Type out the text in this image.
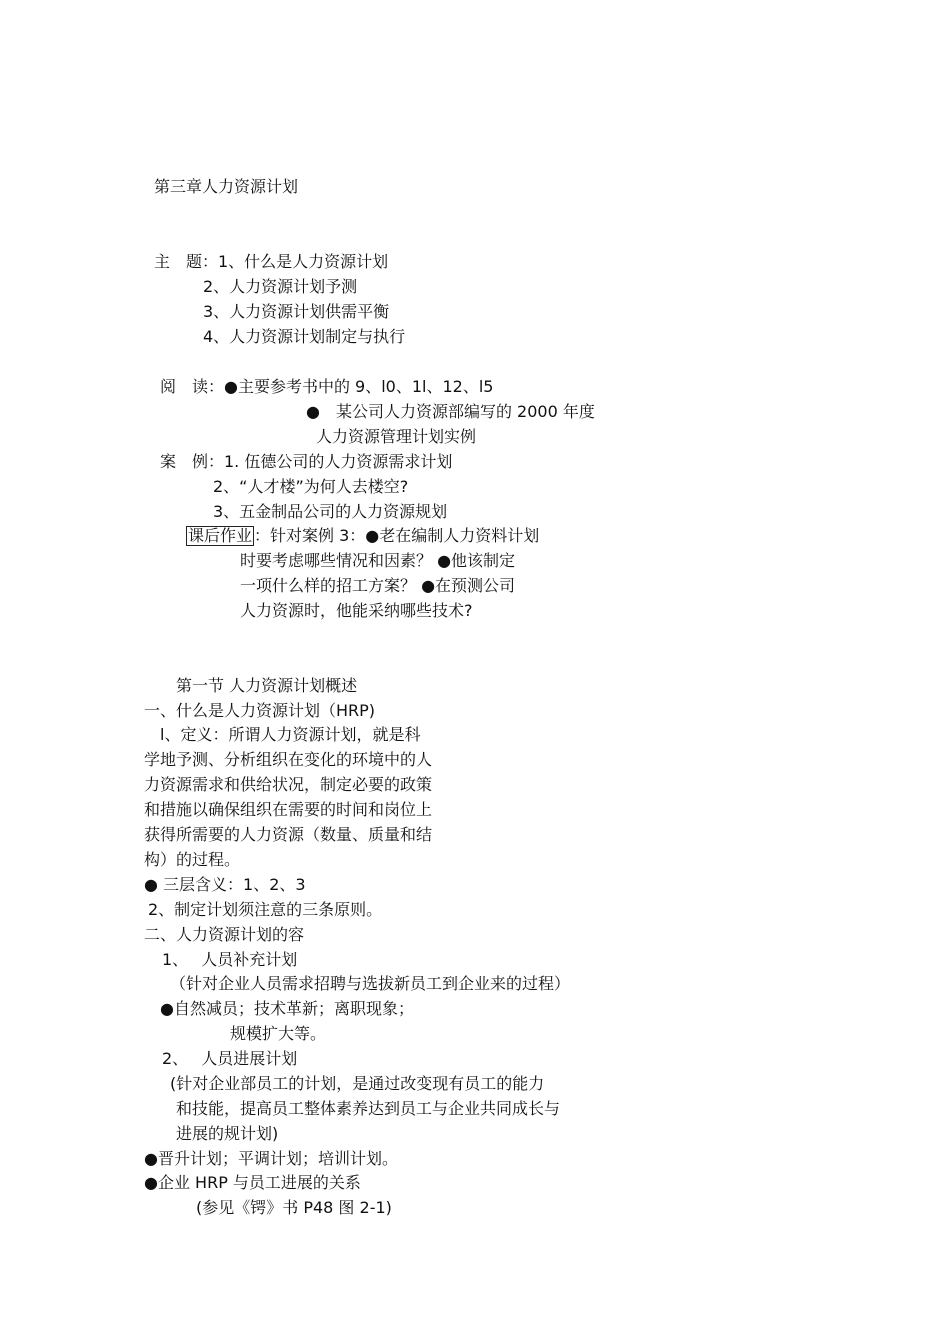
第三章人力资源计划
主　题：1、什么是人力资源计划
2、人力资源计划予测
3、人力资源计划供需平衡
4、人力资源计划制定与执行
阅　读：●主要参考书中的 9、l0、1l、12、l5
●　某公司人力资源部编写的 2000 年度
人力资源管理计划实例
案　例：1. 伍德公司的人力资源需求计划
2、“人才楼”为何人去楼空?
3、五金制品公司的人力资源规划
课后作业 ：针对案例 3：●老在编制人力资料计划
时要考虑哪些情况和因素？ ●他该制定
一项什么样的招工方案？ ●在预测公司
人力资源时，他能采纳哪些技术?
第一节 人力资源计划概述
一、什么是人力资源计划（HRP)
l、定义：所谓人力资源计划，就是科
学地予测、分析组织在变化的环境中的人
力资源需求和供给状况，制定必要的政策
和措施以确保组织在需要的时间和岗位上
获得所需要的人力资源（数量、质量和结
构）的过程。
● 三层含义：1、2、3
2、制定计划须注意的三条原则。
二、人力资源计划的容
1、　 人员补充计划
（针对企业人员需求招聘与选拔新员工到企业来的过程）
●自然减员；技术革新；离职现象；
规模扩大等。
2、　 人员进展计划
(针对企业部员工的计划，是通过改变现有员工的能力
和技能，提高员工整体素养达到员工与企业共同成长与
进展的规计划)
●晋升计划；平调计划；培训计划。
●企业 HRP 与员工进展的关系
(参见《锷》书 P48 图 2-1)
